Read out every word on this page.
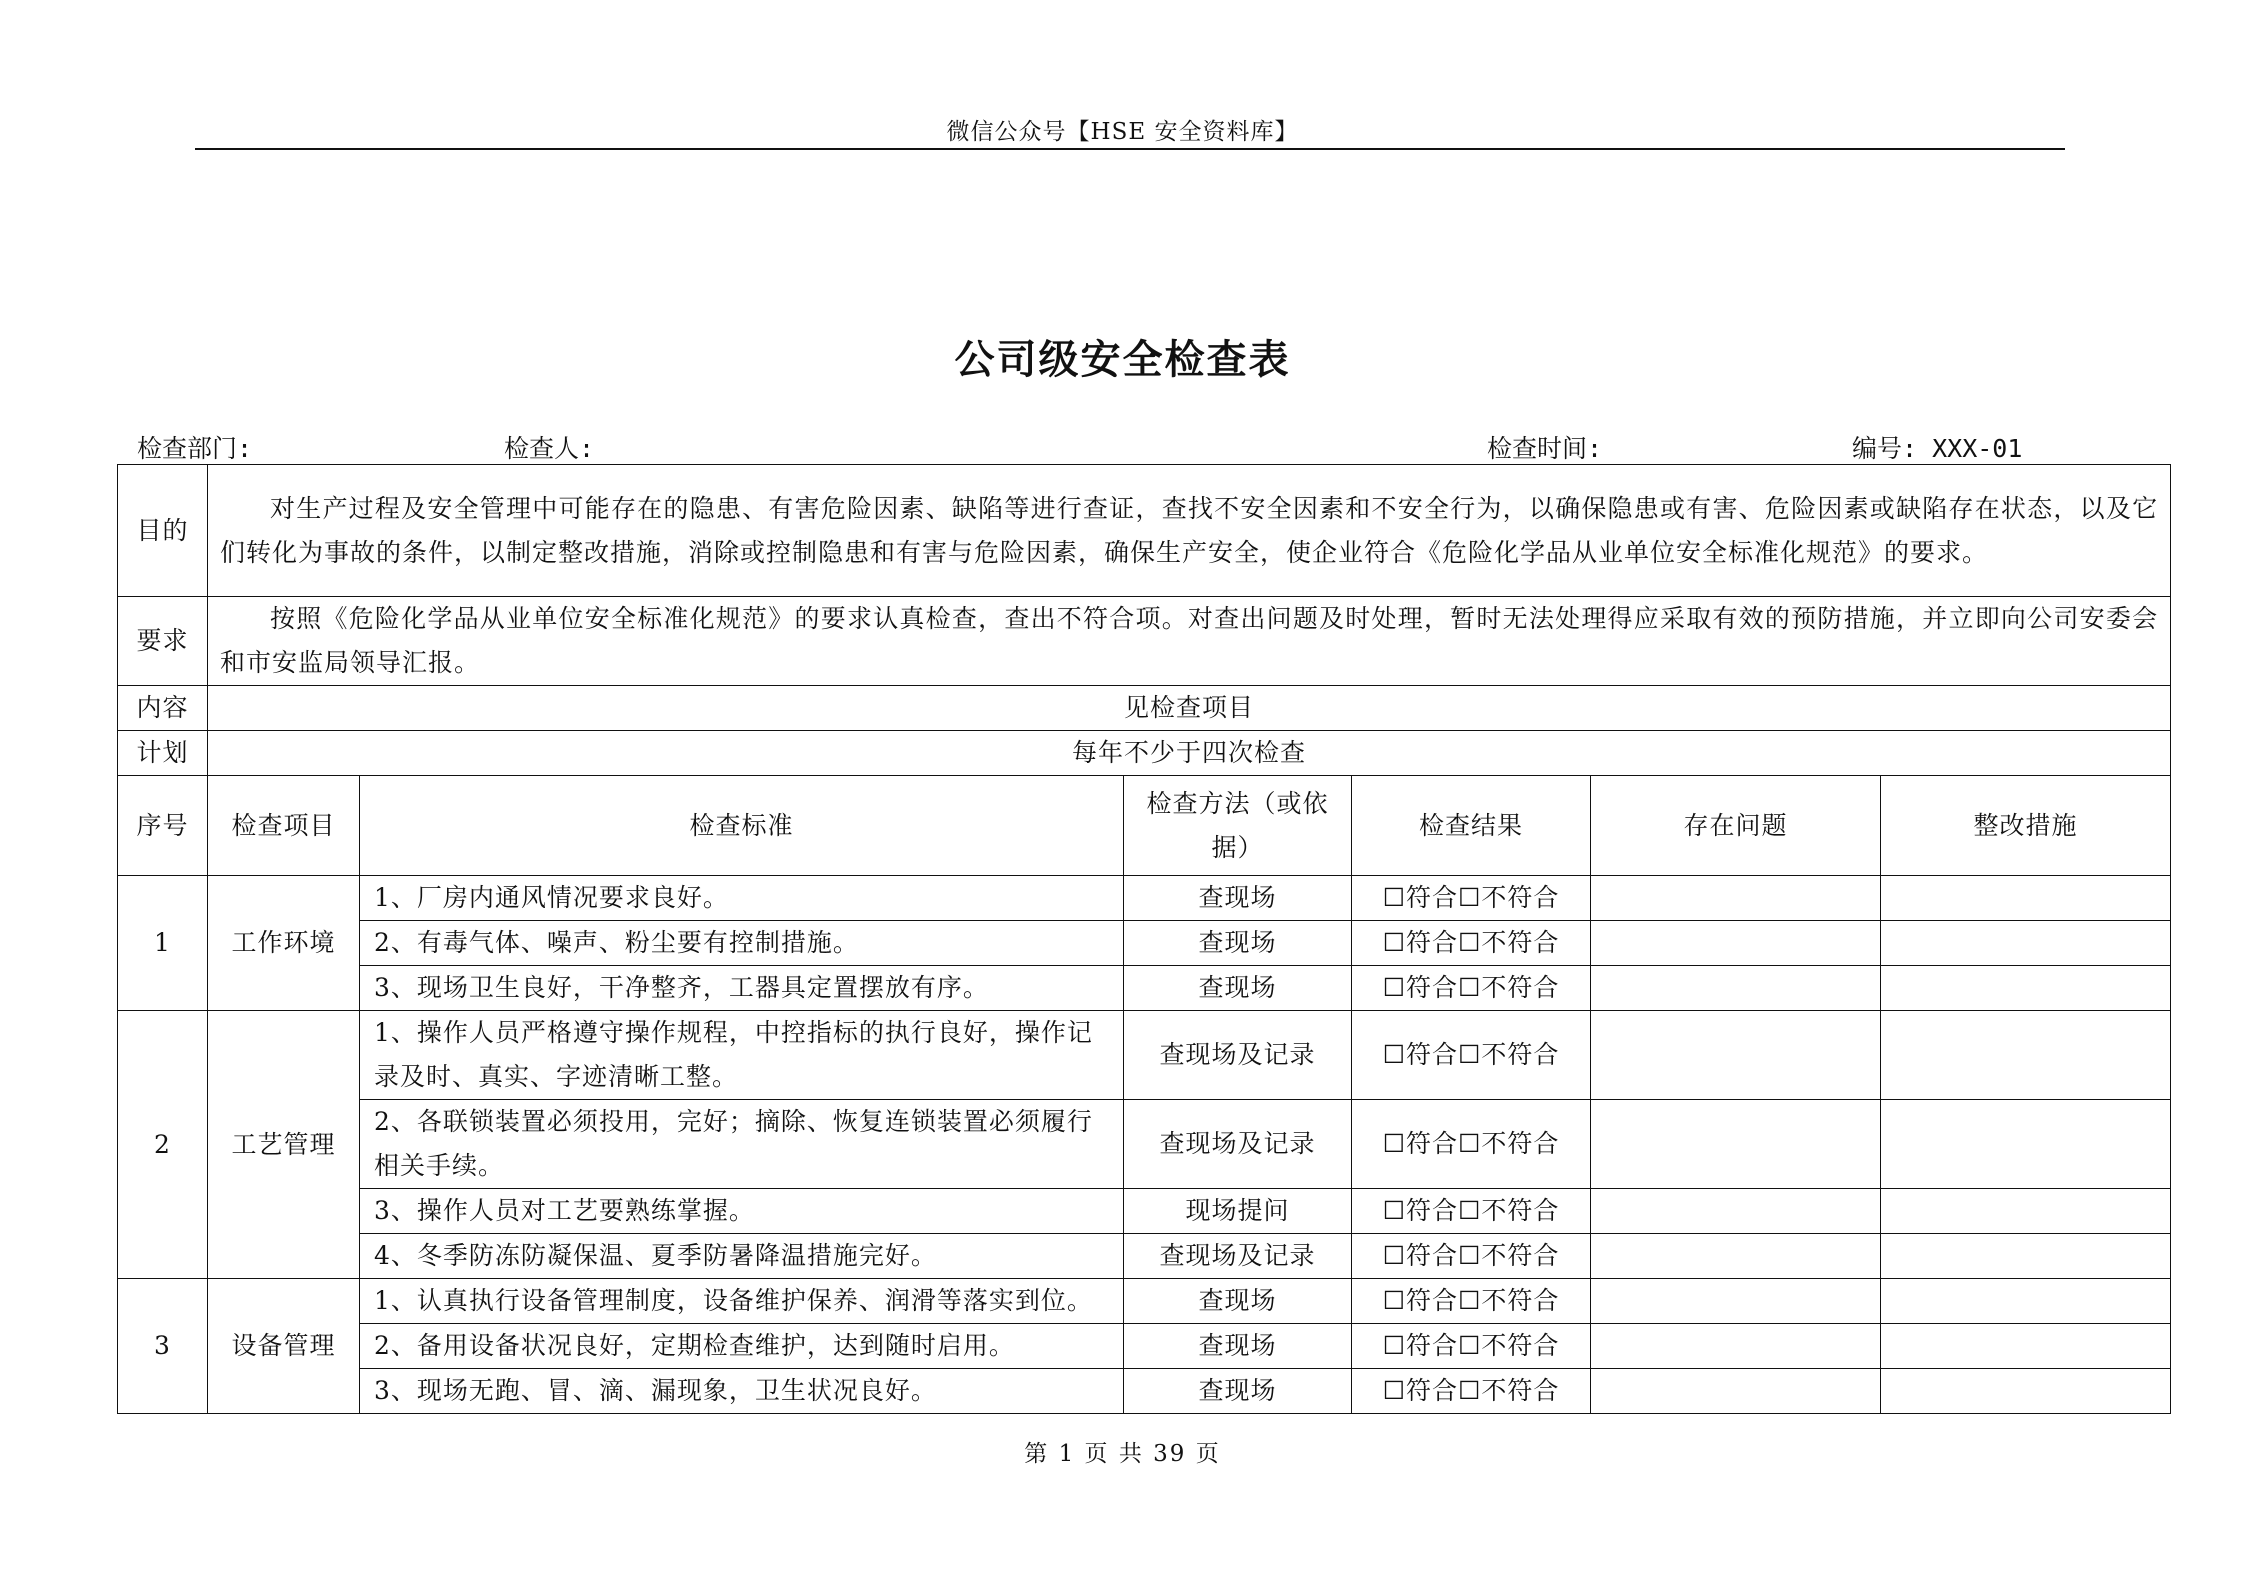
微信公众号【HSE 安全资料库】
公司级安全检查表
检查部门:	检查人:	检查时间:	编号: XXX-01
目的	对生产过程及安全管理中可能存在的隐患、有害危险因素、缺陷等进行查证，查找不安全因素和不安全行为，以确保隐患或有害、危险因素或缺陷存在状态，以及它们转化为事故的条件，以制定整改措施，消除或控制隐患和有害与危险因素，确保生产安全，使企业符合《危险化学品从业单位安全标准化规范》的要求。					
要求	按照《危险化学品从业单位安全标准化规范》的要求认真检查，查出不符合项。对查出问题及时处理，暂时无法处理得应采取有效的预防措施，并立即向公司安委会和市安监局领导汇报。					
内容	见检查项目					
计划	每年不少于四次检查					
序号	检查项目	检查标准	检查方法（或依据）	检查结果	存在问题	整改措施
1	工作环境	1、厂房内通风情况要求良好。	查现场	☐符合☐不符合		
		2、有毒气体、噪声、粉尘要有控制措施。	查现场	☐符合☐不符合		
		3、现场卫生良好，干净整齐，工器具定置摆放有序。	查现场	☐符合☐不符合		
2	工艺管理	1、操作人员严格遵守操作规程，中控指标的执行良好，操作记录及时、真实、字迹清晰工整。	查现场及记录	☐符合☐不符合		
		2、各联锁装置必须投用，完好；摘除、恢复连锁装置必须履行相关手续。	查现场及记录	☐符合☐不符合		
		3、操作人员对工艺要熟练掌握。	现场提问	☐符合☐不符合		
		4、冬季防冻防凝保温、夏季防暑降温措施完好。	查现场及记录	☐符合☐不符合		
3	设备管理	1、认真执行设备管理制度，设备维护保养、润滑等落实到位。	查现场	☐符合☐不符合		
		2、备用设备状况良好，定期检查维护，达到随时启用。	查现场	☐符合☐不符合		
		3、现场无跑、冒、滴、漏现象，卫生状况良好。	查现场	☐符合☐不符合		
第 1 页 共 39 页
